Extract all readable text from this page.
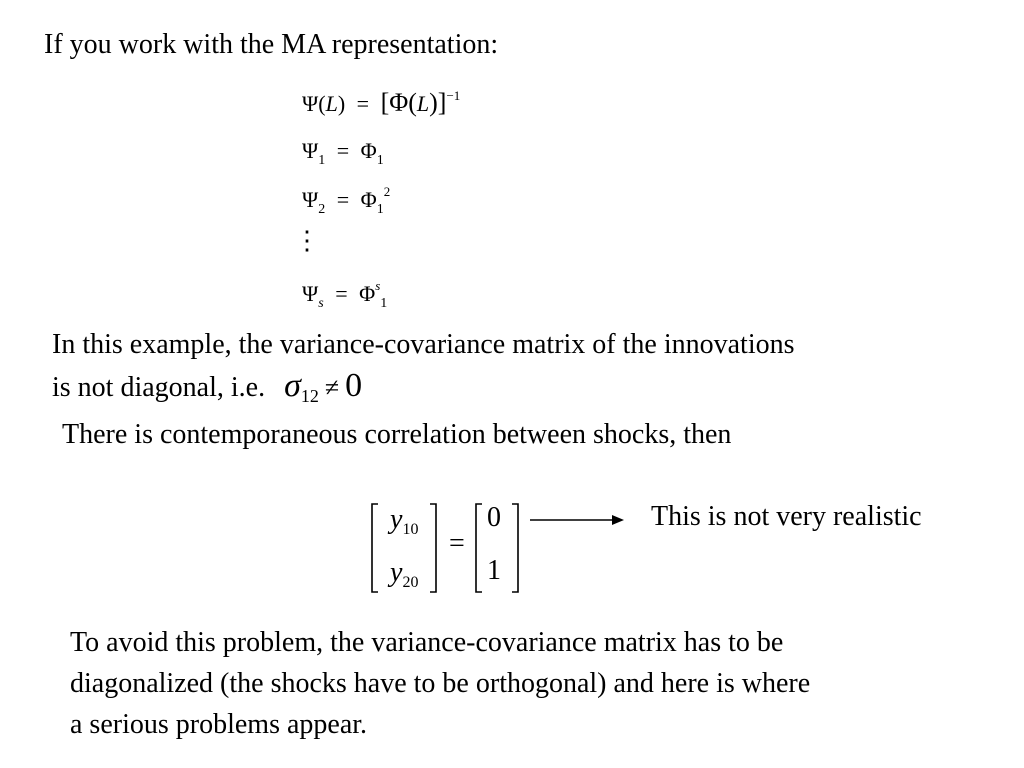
If you work with the MA representation:
$\Psi(L) = [\Phi(L)]^{-1}$
$\Psi_1 = \Phi_1$
$\Psi_2 = \Phi_1^2$
⋮
$\Psi_s = \Phi^s_1$
In this example, the variance-covariance matrix of the innovations
is not diagonal, i.e. σ12 ≠ 0
There is contemporaneous correlation between shocks, then
$y_{10}$
$y_{20}$
=
0
1
This is not very realistic
To avoid this problem, the variance-covariance matrix has to be
diagonalized (the shocks have to be orthogonal) and here is where
a serious problems appear.
